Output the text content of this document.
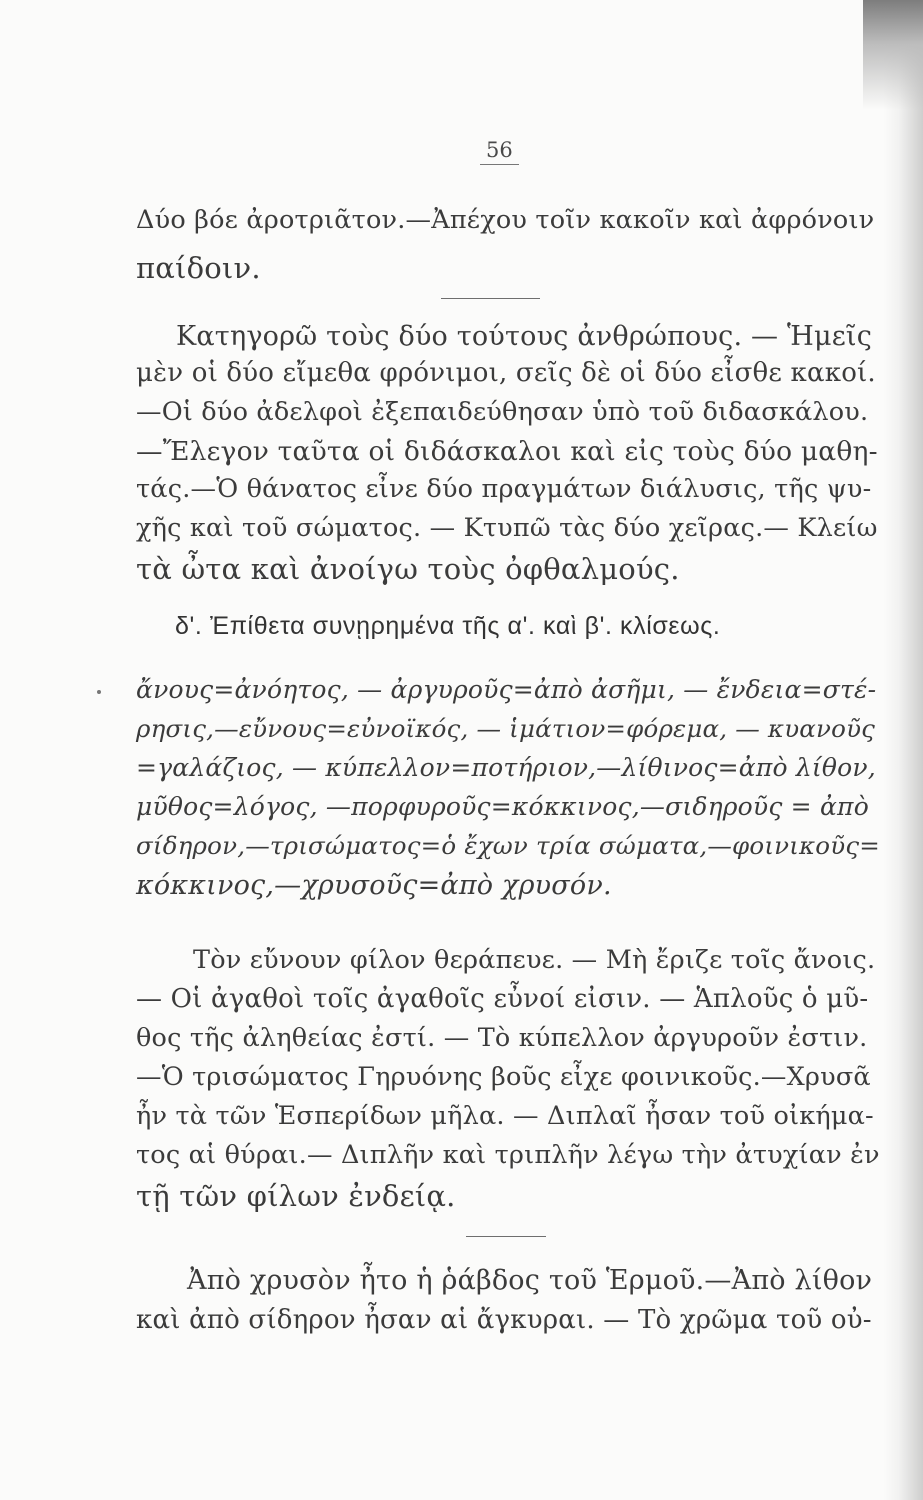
56
Δύο βόε ἀροτριᾶτον.—Ἀπέχου τοῖν κακοῖν καὶ ἀφρόνοιν
παίδοιν.
Κατηγορῶ τοὺς δύο τούτους ἀνθρώπους. — Ἡμεῖς
μὲν οἱ δύο εἴμεθα φρόνιμοι, σεῖς δὲ οἱ δύο εἶσθε κακοί.
—Οἱ δύο ἀδελφοὶ ἐξεπαιδεύθησαν ὑπὸ τοῦ διδασκάλου.
—Ἔλεγον ταῦτα οἱ διδάσκαλοι καὶ εἰς τοὺς δύο μαθη-
τάς.—Ὁ θάνατος εἶνε δύο πραγμάτων διάλυσις, τῆς ψυ-
χῆς καὶ τοῦ σώματος. — Κτυπῶ τὰς δύο χεῖρας.— Κλείω
τὰ ὦτα καὶ ἀνοίγω τοὺς ὀφθαλμούς.
δ'. Ἐπίθετα συνῃρημένα τῆς α'. καὶ β'. κλίσεως.
ἄνους=ἀνόητος, — ἀργυροῦς=ἀπὸ ἀσῆμι, — ἔνδεια=στέ-
ρησις,—εὔνους=εὐνοϊκός, — ἱμάτιον=φόρεμα, — κυανοῦς
=γαλάζιος, — κύπελλον=ποτήριον,—λίθινος=ἀπὸ λίθον,
μῦθος=λόγος, —πορφυροῦς=κόκκινος,—σιδηροῦς = ἀπὸ
σίδηρον,—τρισώματος=ὁ ἔχων τρία σώματα,—φοινικοῦς=
κόκκινος,—χρυσοῦς=ἀπὸ χρυσόν.
Τὸν εὔνουν φίλον θεράπευε. — Μὴ ἔριζε τοῖς ἄνοις.
— Οἱ ἀγαθοὶ τοῖς ἀγαθοῖς εὖνοί εἰσιν. — Ἁπλοῦς ὁ μῦ-
θος τῆς ἀληθείας ἐστί. — Τὸ κύπελλον ἀργυροῦν ἐστιν.
—Ὁ τρισώματος Γηρυόνης βοῦς εἶχε φοινικοῦς.—Χρυσᾶ
ἦν τὰ τῶν Ἑσπερίδων μῆλα. — Διπλαῖ ἦσαν τοῦ οἰκήμα-
τος αἱ θύραι.— Διπλῆν καὶ τριπλῆν λέγω τὴν ἀτυχίαν ἐν
τῇ τῶν φίλων ἐνδείᾳ.
Ἀπὸ χρυσὸν ἦτο ἡ ῥάβδος τοῦ Ἑρμοῦ.—Ἀπὸ λίθον
καὶ ἀπὸ σίδηρον ἦσαν αἱ ἄγκυραι. — Τὸ χρῶμα τοῦ οὐ-
